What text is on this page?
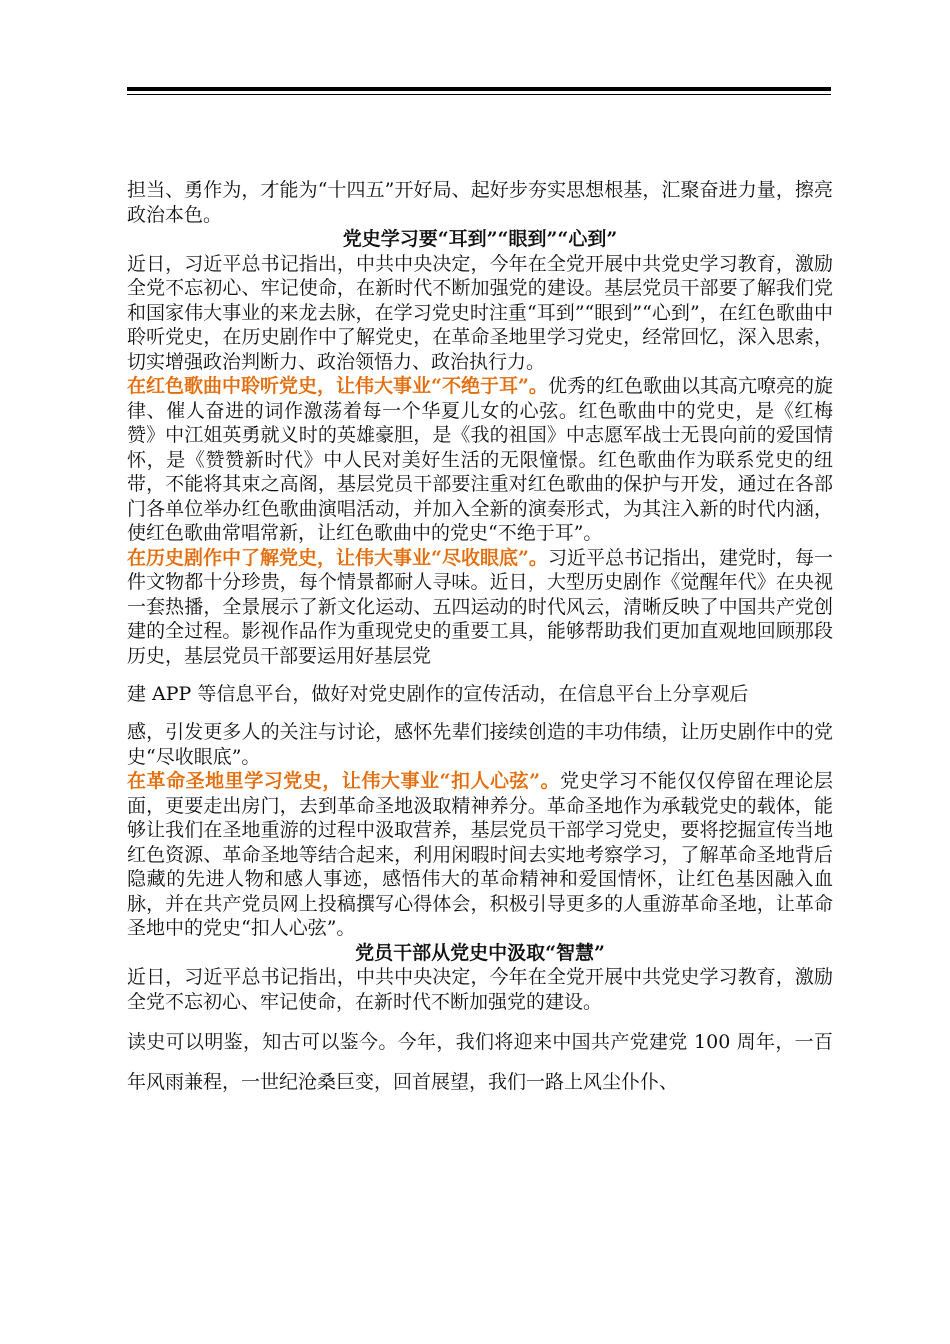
担当、勇作为，才能为“十四五”开好局、起好步夯实思想根基，汇聚奋进力量，擦亮政治本色。

党史学习要“耳到”“眼到”“心到”

近日，习近平总书记指出，中共中央决定，今年在全党开展中共党史学习教育，激励全党不忘初心、牢记使命，在新时代不断加强党的建设。基层党员干部要了解我们党和国家伟大事业的来龙去脉，在学习党史时注重“耳到”“眼到”“心到”，在红色歌曲中聆听党史，在历史剧作中了解党史，在革命圣地里学习党史，经常回忆，深入思索，切实增强政治判断力、政治领悟力、政治执行力。

在红色歌曲中聆听党史，让伟大事业“不绝于耳”。优秀的红色歌曲以其高亢嘹亮的旋律、催人奋进的词作激荡着每一个华夏儿女的心弦。红色歌曲中的党史，是《红梅赞》中江姐英勇就义时的英雄豪胆，是《我的祖国》中志愿军战士无畏向前的爱国情怀，是《赞赞新时代》中人民对美好生活的无限憧憬。红色歌曲作为联系党史的纽带，不能将其束之高阁，基层党员干部要注重对红色歌曲的保护与开发，通过在各部门各单位举办红色歌曲演唱活动，并加入全新的演奏形式，为其注入新的时代内涵，使红色歌曲常唱常新，让红色歌曲中的党史“不绝于耳”。

在历史剧作中了解党史，让伟大事业“尽收眼底”。习近平总书记指出，建党时，每一件文物都十分珍贵，每个情景都耐人寻味。近日，大型历史剧作《觉醒年代》在央视一套热播，全景展示了新文化运动、五四运动的时代风云，清晰反映了中国共产党创建的全过程。影视作品作为重现党史的重要工具，能够帮助我们更加直观地回顾那段历史，基层党员干部要运用好基层党

建 APP 等信息平台，做好对党史剧作的宣传活动，在信息平台上分享观后

感，引发更多人的关注与讨论，感怀先辈们接续创造的丰功伟绩，让历史剧作中的党史“尽收眼底”。

在革命圣地里学习党史，让伟大事业“扣人心弦”。党史学习不能仅仅停留在理论层面，更要走出房门，去到革命圣地汲取精神养分。革命圣地作为承载党史的载体，能够让我们在圣地重游的过程中汲取营养，基层党员干部学习党史，要将挖掘宣传当地红色资源、革命圣地等结合起来，利用闲暇时间去实地考察学习，了解革命圣地背后隐藏的先进人物和感人事迹，感悟伟大的革命精神和爱国情怀，让红色基因融入血脉，并在共产党员网上投稿撰写心得体会，积极引导更多的人重游革命圣地，让革命圣地中的党史“扣人心弦”。

党员干部从党史中汲取“智慧”

近日，习近平总书记指出，中共中央决定，今年在全党开展中共党史学习教育，激励全党不忘初心、牢记使命，在新时代不断加强党的建设。

读史可以明鉴，知古可以鉴今。今年，我们将迎来中国共产党建党 100 周年，一百年风雨兼程，一世纪沧桑巨变，回首展望，我们一路上风尘仆仆、
